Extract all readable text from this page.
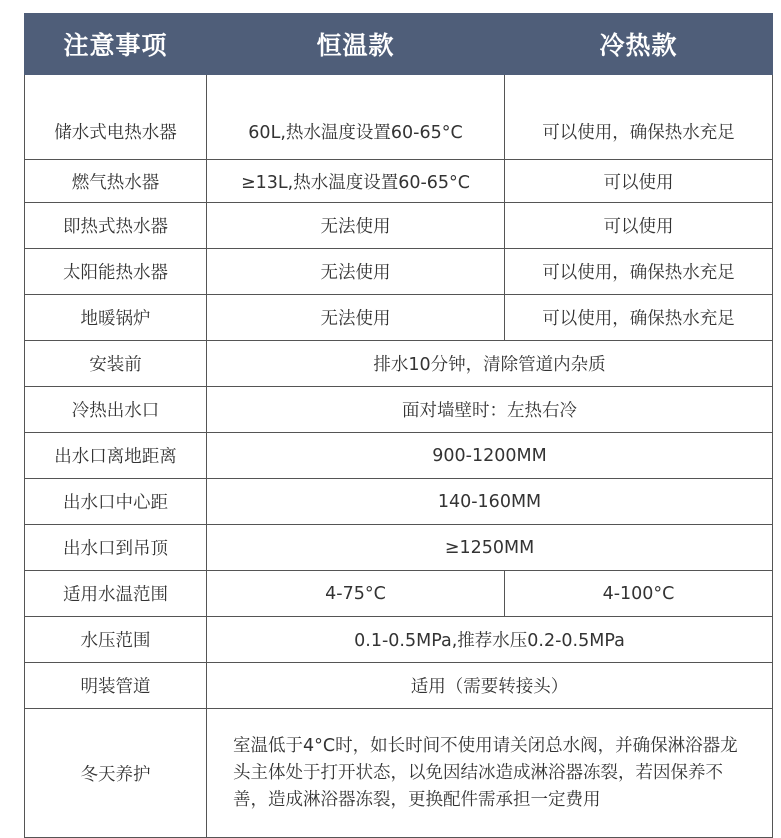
注意事项	恒温款	冷热款
储水式电热水器	60L,热水温度设置60-65°C	可以使用，确保热水充足
燃气热水器	≥13L,热水温度设置60-65°C	可以使用
即热式热水器	无法使用	可以使用
太阳能热水器	无法使用	可以使用，确保热水充足
地暖锅炉	无法使用	可以使用，确保热水充足
安装前	排水10分钟，清除管道内杂质	
冷热出水口	面对墙壁时：左热右冷	
出水口离地距离	900-1200MM	
出水口中心距	140-160MM	
出水口到吊顶	≥1250MM	
适用水温范围	4-75°C	4-100°C
水压范围	0.1-0.5MPa,推荐水压0.2-0.5MPa	
明装管道	适用（需要转接头）	
冬天养护	室温低于4°C时，如长时间不使用请关闭总水阀，并确保淋浴器龙头主体处于打开状态，以免因结冰造成淋浴器冻裂，若因保养不善，造成淋浴器冻裂，更换配件需承担一定费用	
